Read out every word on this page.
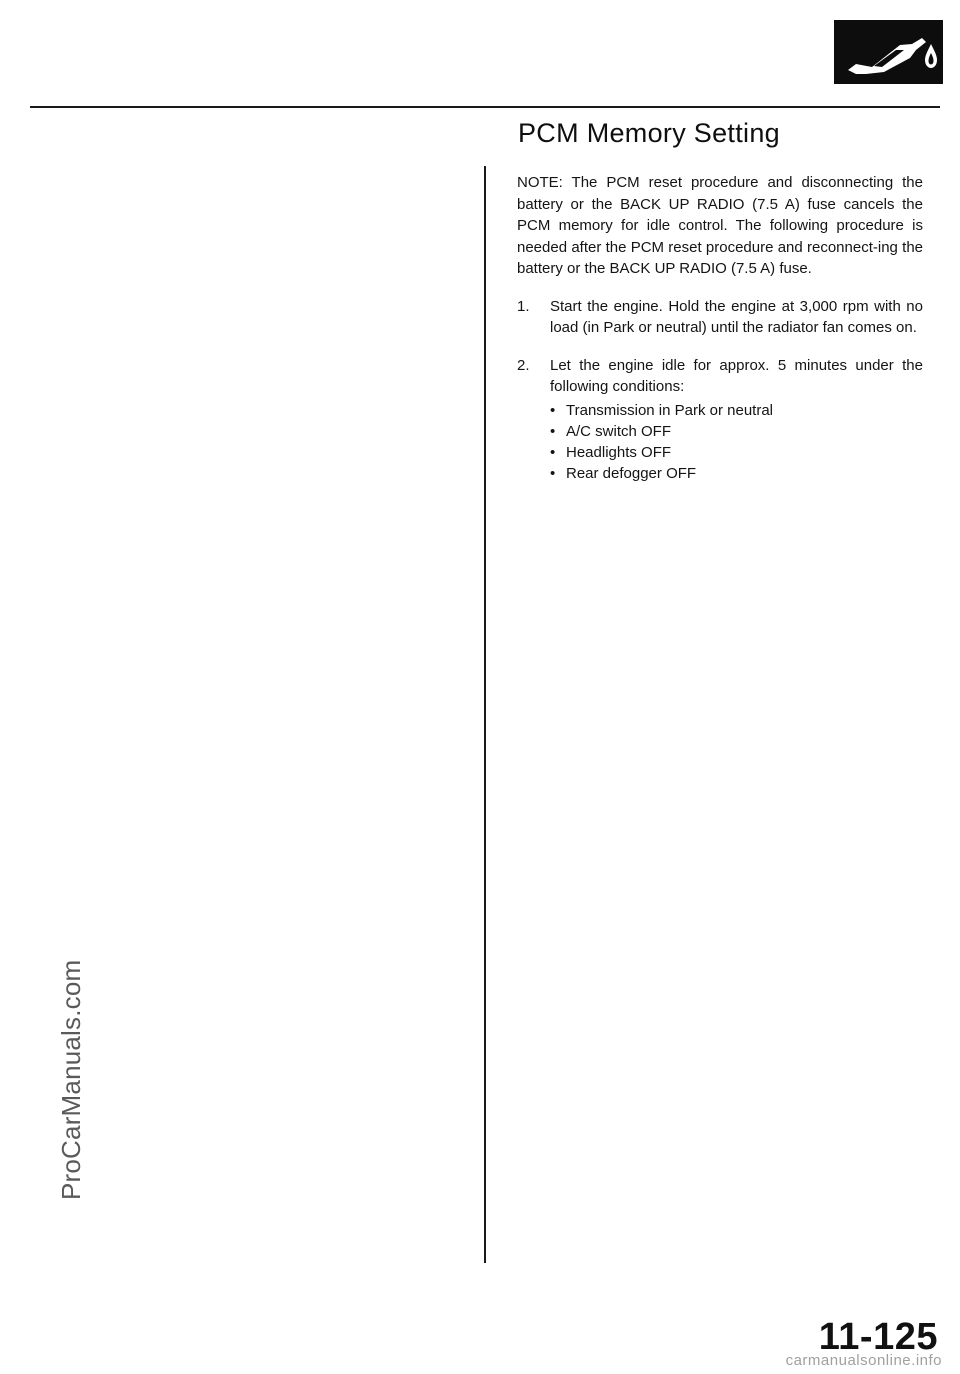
ProCarManuals.com
PCM Memory Setting

NOTE: The PCM reset procedure and disconnecting the battery or the BACK UP RADIO (7.5 A) fuse cancels the PCM memory for idle control. The following procedure is needed after the PCM reset procedure and reconnect-ing the battery or the BACK UP RADIO (7.5 A) fuse.

1.	Start the engine. Hold the engine at 3,000 rpm with no load (in Park or neutral) until the radiator fan comes on.
2.	Let the engine idle for approx. 5 minutes under the following conditions:
• Transmission in Park or neutral
• A/C switch OFF
• Headlights OFF
• Rear defogger OFF
11-125
carmanualsonline.info
